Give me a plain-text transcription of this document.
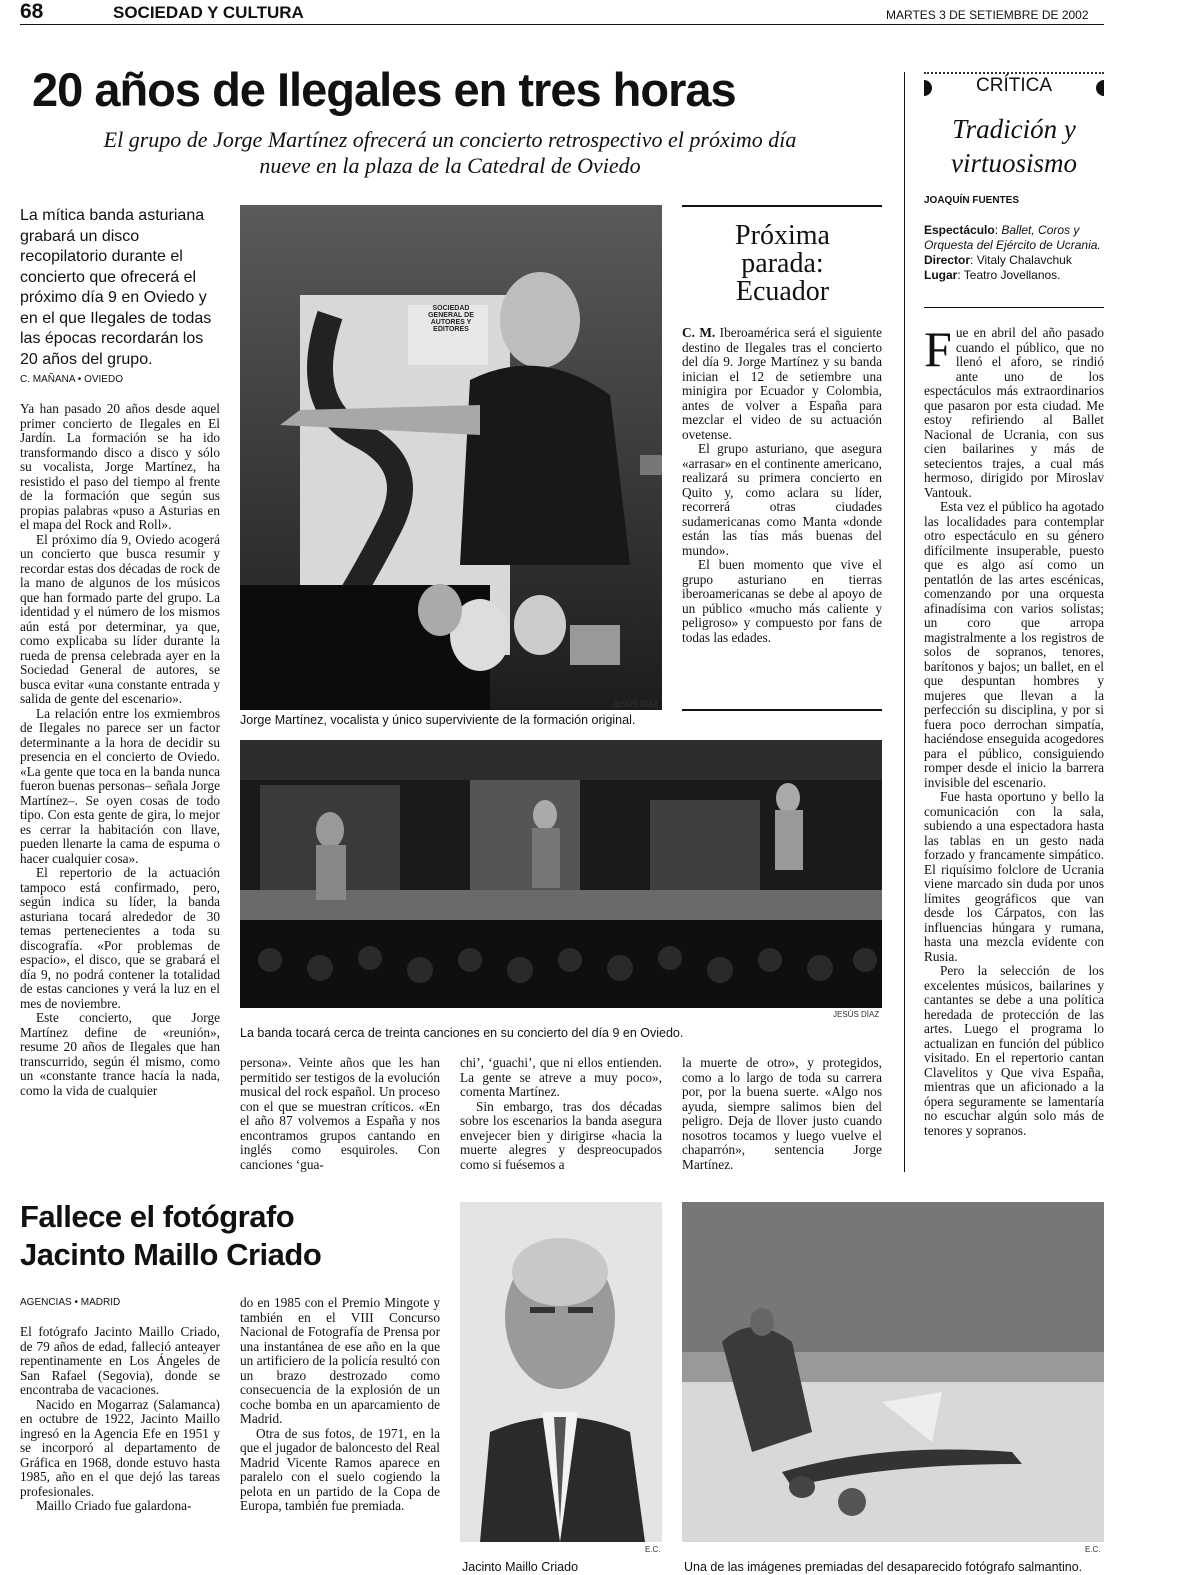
68	SOCIEDAD Y CULTURA	MARTES 3 DE SETIEMBRE DE 2002
20 años de Ilegales en tres horas
El grupo de Jorge Martínez ofrecerá un concierto retrospectivo el próximo día nueve en la plaza de la Catedral de Oviedo
La mítica banda asturiana grabará un disco recopilatorio durante el concierto que ofrecerá el próximo día 9 en Oviedo y en el que Ilegales de todas las épocas recordarán los 20 años del grupo.
C. MAÑANA • OVIEDO

Ya han pasado 20 años desde aquel primer concierto de Ilegales en El Jardín. La formación se ha ido transformando disco a disco y sólo su vocalista, Jorge Martínez, ha resistido el paso del tiempo al frente de la formación que según sus propias palabras «puso a Asturias en el mapa del Rock and Roll».

El próximo día 9, Oviedo acogerá un concierto que busca resumir y recordar estas dos décadas de rock de la mano de algunos de los músicos que han formado parte del grupo. La identidad y el número de los mismos aún está por determinar, ya que, como explicaba su líder durante la rueda de prensa celebrada ayer en la Sociedad General de autores, se busca evitar «una constante entrada y salida de gente del escenario».

La relación entre los exmiembros de Ilegales no parece ser un factor determinante a la hora de decidir su presencia en el concierto de Oviedo. «La gente que toca en la banda nunca fueron buenas personas– señala Jorge Martínez–. Se oyen cosas de todo tipo. Con esta gente de gira, lo mejor es cerrar la habitación con llave, pueden llenarte la cama de espuma o hacer cualquier cosa».

El repertorio de la actuación tampoco está confirmado, pero, según indica su líder, la banda asturiana tocará alrededor de 30 temas pertenecientes a toda su discografía. «Por problemas de espacio», el disco, que se grabará el día 9, no podrá contener la totalidad de estas canciones y verá la luz en el mes de noviembre.

Este concierto, que Jorge Martínez define de «reunión», resume 20 años de Ilegales que han transcurrido, según él mismo, como un «constante trance hacía la nada, como la vida de cualquier

SOCIEDAD GENERAL DE AUTORES Y EDITORES
JESÚS DÍAZ
Jorge Martínez, vocalista y único superviviente de la formación original.
Próxima parada: Ecuador

C. M. Iberoamérica será el siguiente destino de Ilegales tras el concierto del día 9. Jorge Martínez y su banda inician el 12 de setiembre una minigira por Ecuador y Colombia, antes de volver a España para mezclar el video de su actuación ovetense.

El grupo asturiano, que asegura «arrasar» en el continente americano, realizará su primera concierto en Quito y, como aclara su líder, recorrerá otras ciudades sudamericanas como Manta «donde están las tías más buenas del mundo».

El buen momento que vive el grupo asturiano en tierras iberoamericanas se debe al apoyo de un público «mucho más caliente y peligroso» y compuesto por fans de todas las edades.

JESÚS DÍAZ
La banda tocará cerca de treinta canciones en su concierto del día 9 en Oviedo.
persona». Veinte años que les han permitido ser testigos de la evolución musical del rock español. Un proceso con el que se muestran críticos. «En el año 87 volvemos a España y nos encontramos grupos cantando en inglés como esquiroles. Con canciones ‘gua-

chi’, ‘guachi’, que ni ellos entienden. La gente se atreve a muy poco», comenta Martínez.

Sin embargo, tras dos décadas sobre los escenarios la banda asegura envejecer bien y dirigirse «hacia la muerte alegres y despreocupados como si fuésemos a

la muerte de otro», y protegidos, como a lo largo de toda su carrera por, por la buena suerte. «Algo nos ayuda, siempre salimos bien del peligro. Deja de llover justo cuando nosotros tocamos y luego vuelve el chaparrón», sentencia Jorge Martínez.
CRÍTICA
Tradición y virtuosismo
JOAQUÍN FUENTES
Espectáculo: Ballet, Coros y Orquesta del Ejército de Ucrania.
Director: Vitaly Chalavchuk
Lugar: Teatro Jovellanos.

Fue en abril del año pasado cuando el público, que no llenó el aforo, se rindió ante uno de los espectáculos más extraordinarios que pasaron por esta ciudad. Me estoy refiriendo al Ballet Nacional de Ucrania, con sus cien bailarines y más de setecientos trajes, a cual más hermoso, dirigido por Miroslav Vantouk.

Esta vez el público ha agotado las localidades para contemplar otro espectáculo en su género difícilmente insuperable, puesto que es algo así como un pentatlón de las artes escénicas, comenzando por una orquesta afinadísima con varios solistas; un coro que arropa magistralmente a los registros de solos de sopranos, tenores, barítonos y bajos; un ballet, en el que despuntan hombres y mujeres que llevan a la perfección su disciplina, y por si fuera poco derrochan simpatía, haciéndose enseguida acogedores para el público, consiguiendo romper desde el inicio la barrera invisible del escenario.

Fue hasta oportuno y bello la comunicación con la sala, subiendo a una espectadora hasta las tablas en un gesto nada forzado y francamente simpático. El riquísimo folclore de Ucrania viene marcado sin duda por unos límites geográficos que van desde los Cárpatos, con las influencias húngara y rumana, hasta una mezcla evidente con Rusia.

Pero la selección de los excelentes músicos, bailarines y cantantes se debe a una política heredada de protección de las artes. Luego el programa lo actualizan en función del público visitado. En el repertorio cantan Clavelitos y Que viva España, mientras que un aficionado a la ópera seguramente se lamentaría no escuchar algún solo más de tenores y sopranos.

Fallece el fotógrafo
Jacinto Maillo Criado
AGENCIAS • MADRID

El fotógrafo Jacinto Maillo Criado, de 79 años de edad, falleció anteayer repentinamente en Los Ángeles de San Rafael (Segovia), donde se encontraba de vacaciones.

Nacido en Mogarraz (Salamanca) en octubre de 1922, Jacinto Maillo ingresó en la Agencia Efe en 1951 y se incorporó al departamento de Gráfica en 1968, donde estuvo hasta 1985, año en el que dejó las tareas profesionales.

Maillo Criado fue galardona-

do en 1985 con el Premio Mingote y también en el VIII Concurso Nacional de Fotografía de Prensa por una instantánea de ese año en la que un artificiero de la policía resultó con un brazo destrozado como consecuencia de la explosión de un coche bomba en un aparcamiento de Madrid.

Otra de sus fotos, de 1971, en la que el jugador de baloncesto del Real Madrid Vicente Ramos aparece en paralelo con el suelo cogiendo la pelota en un partido de la Copa de Europa, también fue premiada.

E.C.
Jacinto Maillo Criado
E.C.
Una de las imágenes premiadas del desaparecido fotógrafo salmantino.
